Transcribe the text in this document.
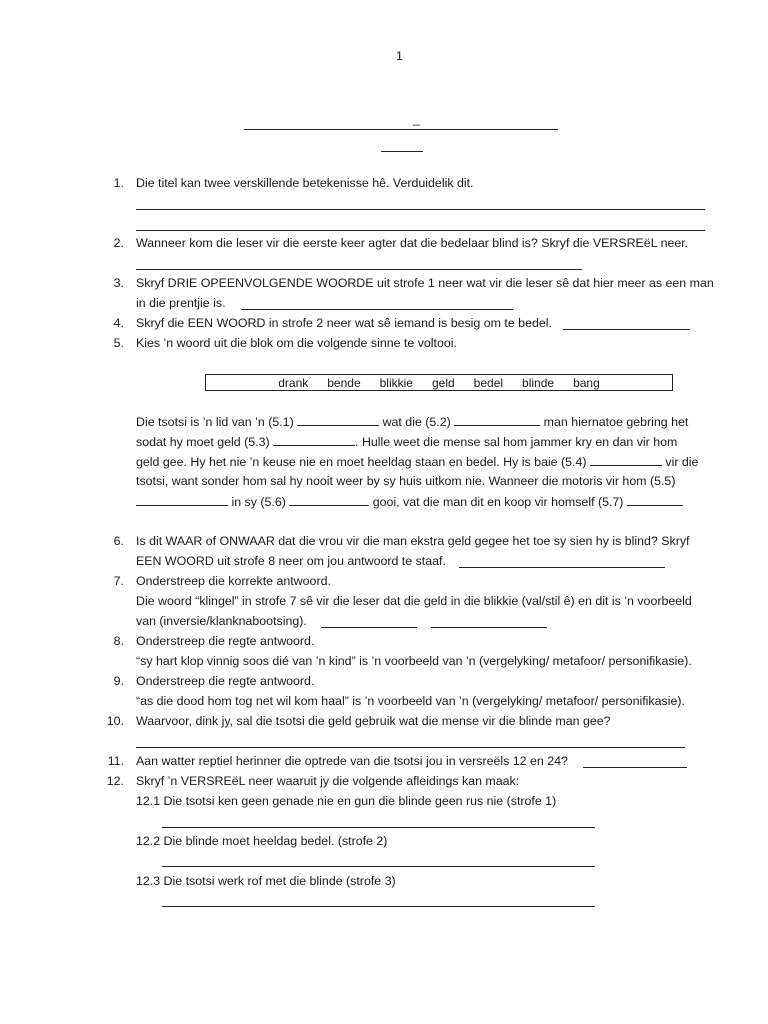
1
_
1. Die titel kan twee verskillende betekenisse hê. Verduidelik dit.
2. Wanneer kom die leser vir die eerste keer agter dat die bedelaar blind is? Skryf die VERSREëL neer.
3. Skryf DRIE OPEENVOLGENDE WOORDE uit strofe 1 neer wat vir die leser sê dat hier meer as een man
in die prentjie is.
4. Skryf die EEN WOORD in strofe 2 neer wat sê iemand is besig om te bedel.
5. Kies ’n woord uit die blok om die volgende sinne te voltooi.
drank bende blikkie geld bedel blinde bang
Die tsotsi is ’n lid van ’n (5.1)	wat die (5.2)	man hiernatoe gebring het
sodat hy moet geld (5.3)	. Hulle weet die mense sal hom jammer kry en dan vir hom
geld gee. Hy het nie ’n keuse nie en moet heeldag staan en bedel. Hy is baie (5.4)	vir die
tsotsi, want sonder hom sal hy nooit weer by sy huis uitkom nie. Wanneer die motoris vir hom (5.5)
in sy (5.6)	gooi, vat die man dit en koop vir homself (5.7)
6. Is dit WAAR of ONWAAR dat die vrou vir die man ekstra geld gegee het toe sy sien hy is blind? Skryf
EEN WOORD uit strofe 8 neer om jou antwoord te staaf.
7. Onderstreep die korrekte antwoord.
Die woord “klingel” in strofe 7 sê vir die leser dat die geld in die blikkie (val/stil ê) en dit is ’n voorbeeld
van (inversie/klanknabootsing).
8. Onderstreep die regte antwoord.
“sy hart klop vinnig soos dié van ’n kind” is ’n voorbeeld van ’n (vergelyking/ metafoor/ personifikasie).
9. Onderstreep die regte antwoord.
“as die dood hom tog net wil kom haal” is ’n voorbeeld van ’n (vergelyking/ metafoor/ personifikasie).
10. Waarvoor, dink jy, sal die tsotsi die geld gebruik wat die mense vir die blinde man gee?
11. Aan watter reptiel herinner die optrede van die tsotsi jou in versreëls 12 en 24?
12. Skryf ’n VERSREëL neer waaruit jy die volgende afleidings kan maak:
12.1 Die tsotsi ken geen genade nie en gun die blinde geen rus nie (strofe 1)
12.2 Die blinde moet heeldag bedel. (strofe 2)
12.3 Die tsotsi werk rof met die blinde (strofe 3)
